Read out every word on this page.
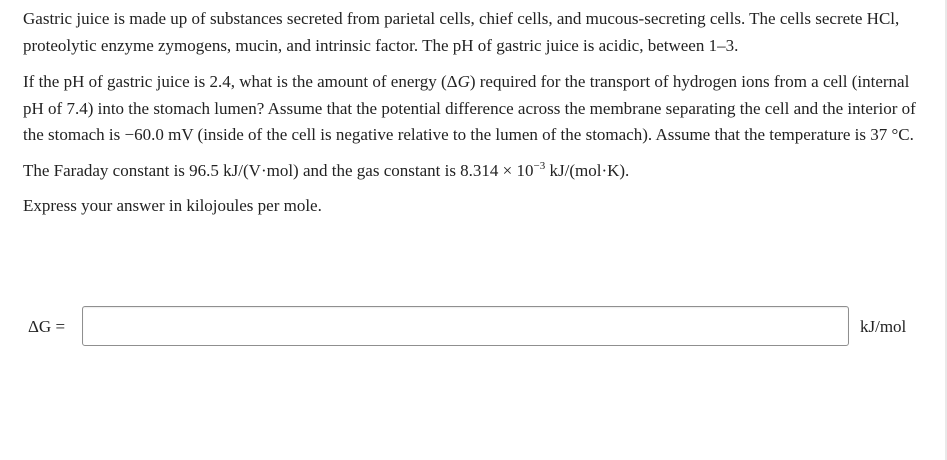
Gastric juice is made up of substances secreted from parietal cells, chief cells, and mucous-secreting cells. The cells secrete HCl, proteolytic enzyme zymogens, mucin, and intrinsic factor. The pH of gastric juice is acidic, between 1–3.

If the pH of gastric juice is 2.4, what is the amount of energy (ΔG) required for the transport of hydrogen ions from a cell (internal pH of 7.4) into the stomach lumen? Assume that the potential difference across the membrane separating the cell and the interior of the stomach is −60.0 mV (inside of the cell is negative relative to the lumen of the stomach). Assume that the temperature is 37 °C.

The Faraday constant is 96.5 kJ/(V·mol) and the gas constant is $8.314 \times 10^{-3}$ kJ/(mol·K).

Express your answer in kilojoules per mole.

ΔG =	kJ/mol
